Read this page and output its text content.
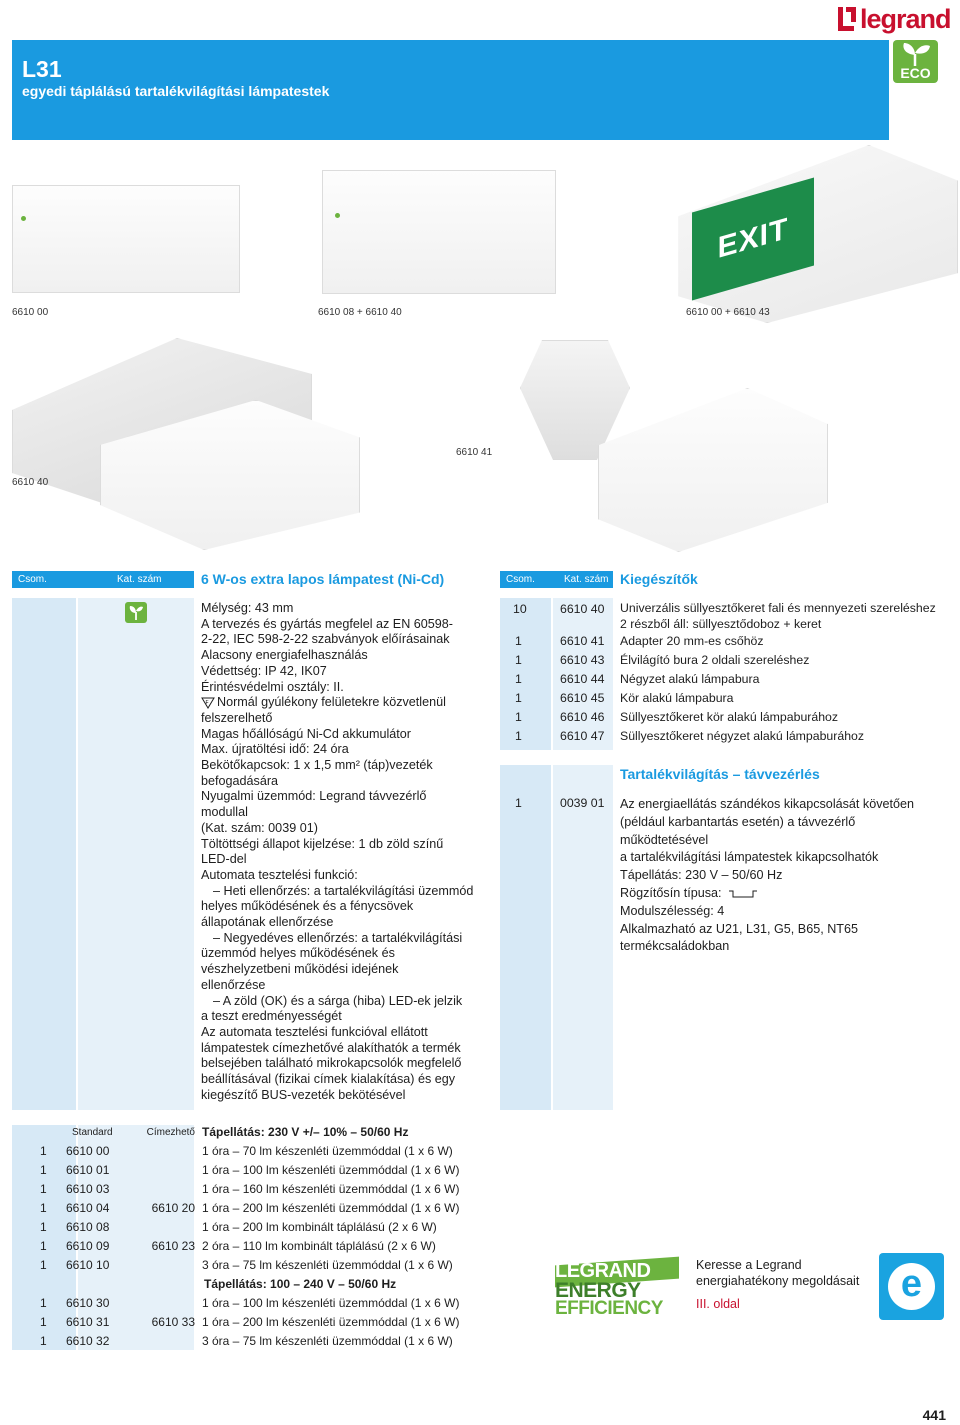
legrand
L31
egyedi táplálású tartalékvilágítási lámpatestek
ECO
EXIT
6610 00	6610 08 + 6610 40	6610 00 + 6610 43
6610 40
6610 41
Csom.	Kat. szám	6 W-os extra lapos lámpatest (Ni-Cd)
Mélység: 43 mm
A tervezés és gyártás megfelel az EN 60598-
2-22, IEC 598-2-22 szabványok előírásainak
Alacsony energiafelhasználás
Védettség: IP 42, IK07
Érintésvédelmi osztály: II.
F Normál gyúlékony felületekre közvetlenül
felszerelhető
Magas hőállóságú Ni-Cd akkumulátor
Max. újratöltési idő: 24 óra
Bekötőkapcsok: 1 x 1,5 mm² (táp)vezeték
befogadására
Nyugalmi üzemmód: Legrand távvezérlő
modullal
(Kat. szám: 0039 01)
Töltöttségi állapot kijelzése: 1 db zöld színű
LED-del
Automata tesztelési funkció:
– Heti ellenőrzés: a tartalékvilágítási üzemmód
helyes működésének és a fénycsövek
állapotának ellenőrzése
– Negyedéves ellenőrzés: a tartalékvilágítási
üzemmód helyes működésének és
vészhelyzetbeni működési idejének
ellenőrzése
– A zöld (OK) és a sárga (hiba) LED-ek jelzik
a teszt eredményességét
Az automata tesztelési funkcióval ellátott
lámpatestek címezhetővé alakíthatók a termék
belsejében található mikrokapcsolók megfelelő
beállításával (fizikai címek kialakítása) és egy
kiegészítő BUS-vezeték bekötésével
Csom.	Kat. szám Kiegészítők
10	6610 40	Univerzális süllyesztőkeret fali és mennyezeti szereléshez
2 részből áll: süllyesztődoboz + keret
1	6610 41	Adapter 20 mm-es csőhöz
1	6610 43	Élvilágító bura 2 oldali szereléshez
1	6610 44	Négyzet alakú lámpabura
1	6610 45	Kör alakú lámpabura
1	6610 46	Süllyesztőkeret kör alakú lámpaburához
1	6610 47	Süllyesztőkeret négyzet alakú lámpaburához
Tartalékvilágítás – távvezérlés
1	0039 01 Az energiaellátás szándékos kikapcsolását követően
(például karbantartás esetén) a távvezérlő
működtetésével
a tartalékvilágítási lámpatestek kikapcsolhatók
Tápellátás: 230 V – 50/60 Hz
Rögzítősín típusa:
Modulszélesség: 4
Alkalmazható az U21, L31, G5, B65, NT65
termékcsaládokban
Standard	Címezhető Tápellátás: 230 V +/– 10% – 50/60 Hz
1	6610 00	1 óra – 70 lm készenléti üzemmóddal (1 x 6 W)
1	6610 01	1 óra – 100 lm készenléti üzemmóddal (1 x 6 W)
1	6610 03	1 óra – 160 lm készenléti üzemmóddal (1 x 6 W)
1	6610 04	6610 20 1 óra – 200 lm készenléti üzemmóddal (1 x 6 W)
1	6610 08	1 óra – 200 lm kombinált táplálású (2 x 6 W)
1	6610 09	6610 23 2 óra – 110 lm kombinált táplálású (2 x 6 W)
1	6610 10	3 óra – 75 lm készenléti üzemmóddal (1 x 6 W)
Tápellátás: 100 – 240 V – 50/60 Hz
1	6610 30	1 óra – 100 lm készenléti üzemmóddal (1 x 6 W)
1	6610 31	6610 33 1 óra – 200 lm készenléti üzemmóddal (1 x 6 W)
1	6610 32	3 óra – 75 lm készenléti üzemmóddal (1 x 6 W)
LEGRAND
ENERGY
EFFICIENCY
Keresse a Legrand
energiahatékony megoldásait
III. oldal	e
441
